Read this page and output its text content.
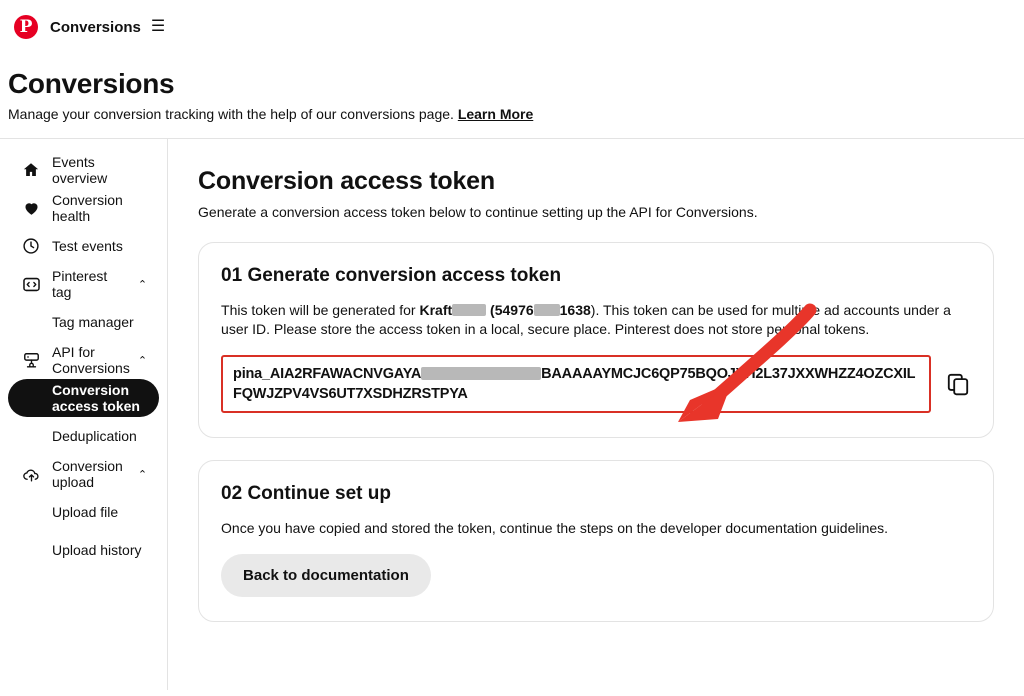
P	Conversions ☰
Conversions

Manage your conversion tracking with the help of our conversions page. Learn More

Events overview
Conversion health
Test events
Pinterest tag	⌃
Tag manager
API for Conversions ⌃
Conversion access token
Deduplication
Conversion upload	⌃
Upload file
Upload history
Conversion access token

Generate a conversion access token below to continue setting up the API for Conversions.

01 Generate conversion access token

This token will be generated for Kraft (54976 1638). This token can be used for multiple ad accounts under a user ID. Please store the access token in a local, secure place. Pinterest does not store personal tokens.

pina_AIA2RFAWACNVGAYA	BAAAAAYMCJC6QP75BQOJYH2L37JXXWHZZ4OZCXILFQWJZPV4VS6UT7XSDHZRSTPYA
02 Continue set up

Once you have copied and stored the token, continue the steps on the developer documentation guidelines.

Back to documentation
